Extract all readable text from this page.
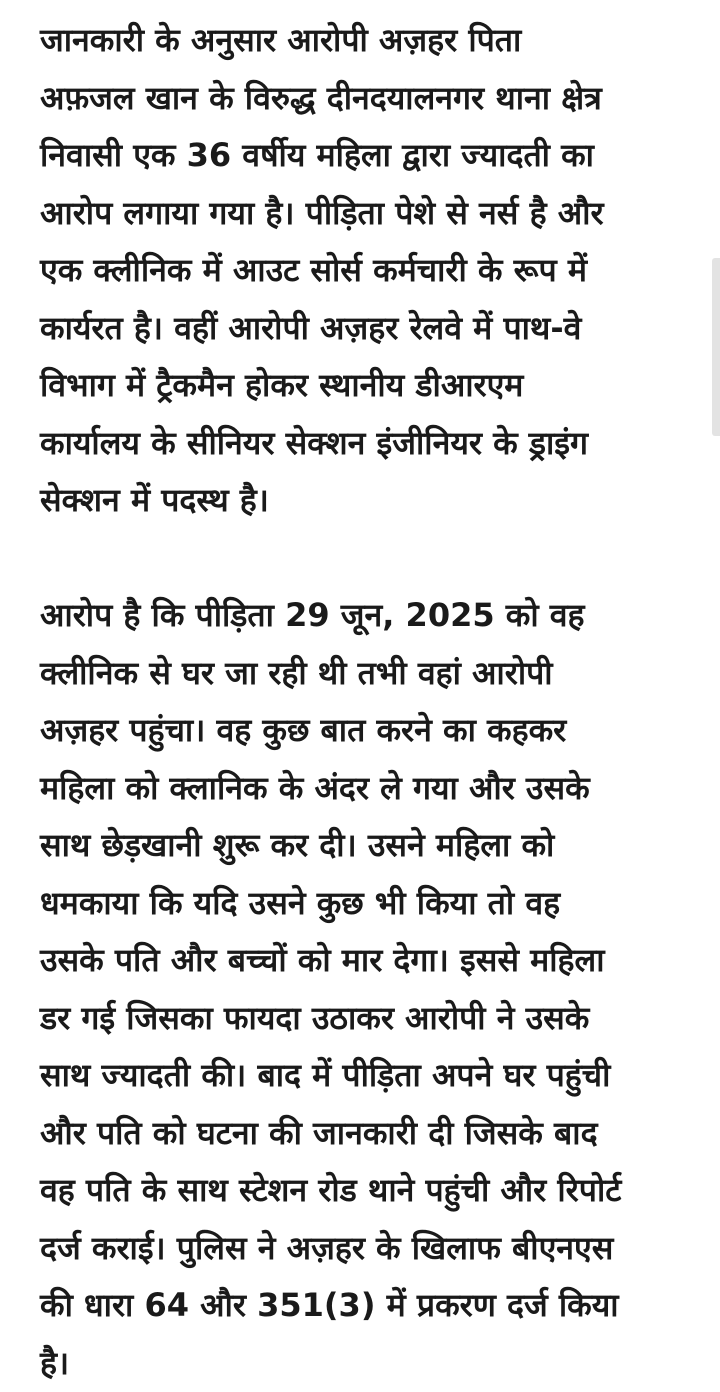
जानकारी के अनुसार आरोपी अज़हर पिता
अफ़जल खान के विरुद्ध दीनदयालनगर थाना क्षेत्र
निवासी एक 36 वर्षीय महिला द्वारा ज्यादती का
आरोप लगाया गया है। पीड़िता पेशे से नर्स है और
एक क्लीनिक में आउट सोर्स कर्मचारी के रूप में
कार्यरत है। वहीं आरोपी अज़हर रेलवे में पाथ-वे
विभाग में ट्रैकमैन होकर स्थानीय डीआरएम
कार्यालय के सीनियर सेक्शन इंजीनियर के ड्राइंग
सेक्शन में पदस्थ है।

आरोप है कि पीड़िता 29 जून, 2025 को वह
क्लीनिक से घर जा रही थी तभी वहां आरोपी
अज़हर पहुंचा। वह कुछ बात करने का कहकर
महिला को क्लानिक के अंदर ले गया और उसके
साथ छेड़खानी शुरू कर दी। उसने महिला को
धमकाया कि यदि उसने कुछ भी किया तो वह
उसके पति और बच्चों को मार देगा। इससे महिला
डर गई जिसका फायदा उठाकर आरोपी ने उसके
साथ ज्यादती की। बाद में पीड़िता अपने घर पहुंची
और पति को घटना की जानकारी दी जिसके बाद
वह पति के साथ स्टेशन रोड थाने पहुंची और रिपोर्ट
दर्ज कराई। पुलिस ने अज़हर के खिलाफ बीएनएस
की धारा 64 और 351(3) में प्रकरण दर्ज किया
है।
